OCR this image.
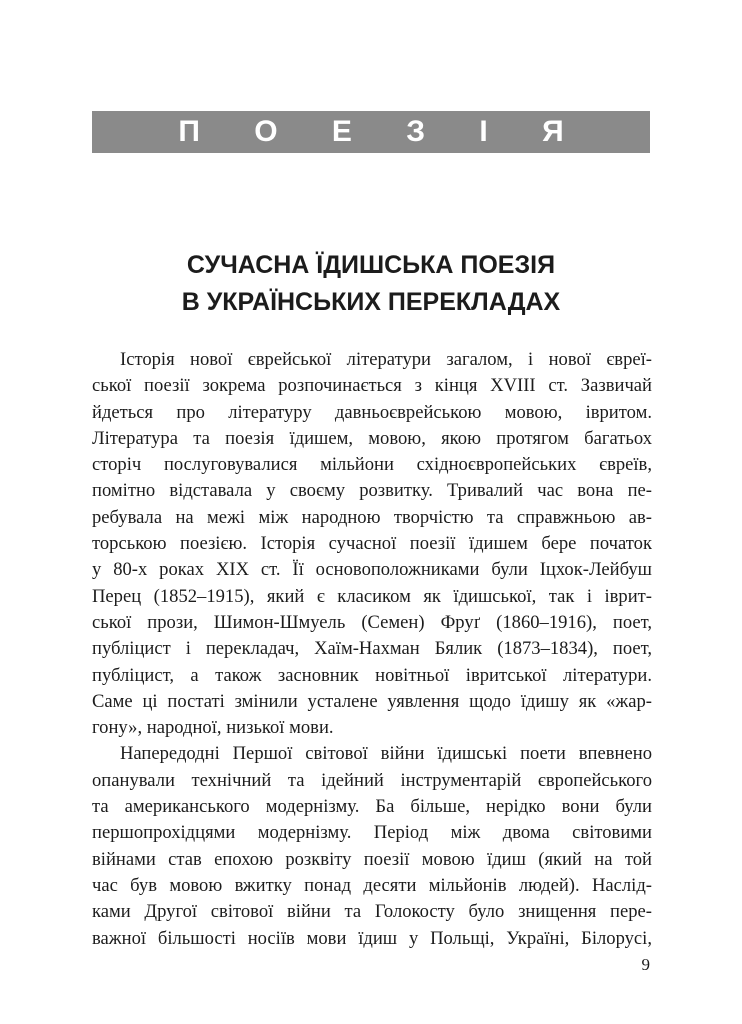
П О Е З І Я
СУЧАСНА ЇДИШСЬКА ПОЕЗІЯ
В УКРАЇНСЬКИХ ПЕРЕКЛАДАХ

Історія нової єврейської літератури загалом, і нової євреї-
ської поезії зокрема розпочинається з кінця XVIII ст. Зазвичай
йдеться про літературу давньоєврейською мовою, івритом.
Література та поезія їдишем, мовою, якою протягом багатьох
сторіч послуговувалися мільйони східноєвропейських євреїв,
помітно відставала у своєму розвитку. Тривалий час вона пе-
ребувала на межі між народною творчістю та справжньою ав-
торською поезією. Історія сучасної поезії їдишем бере початок
у 80-х роках XIX ст. Її основоположниками були Іцхок-Лейбуш
Перец (1852–1915), який є класиком як їдишської, так і іврит-
ської прози, Шимон-Шмуель (Семен) Фруґ (1860–1916), поет,
публіцист і перекладач, Хаїм-Нахман Бялик (1873–1834), поет,
публіцист, а також засновник новітньої івритської літератури.
Саме ці постаті змінили усталене уявлення щодо їдишу як «жар-
гону», народної, низької мови.

Напередодні Першої світової війни їдишські поети впевнено
опанували технічний та ідейний інструментарій європейського
та американського модернізму. Ба більше, нерідко вони були
першопрохідцями модернізму. Період між двома світовими
війнами став епохою розквіту поезії мовою їдиш (який на той
час був мовою вжитку понад десяти мільйонів людей). Наслід-
ками Другої світової війни та Голокосту було знищення пере-
важної більшості носіїв мови їдиш у Польщі, Україні, Білорусі,

9
